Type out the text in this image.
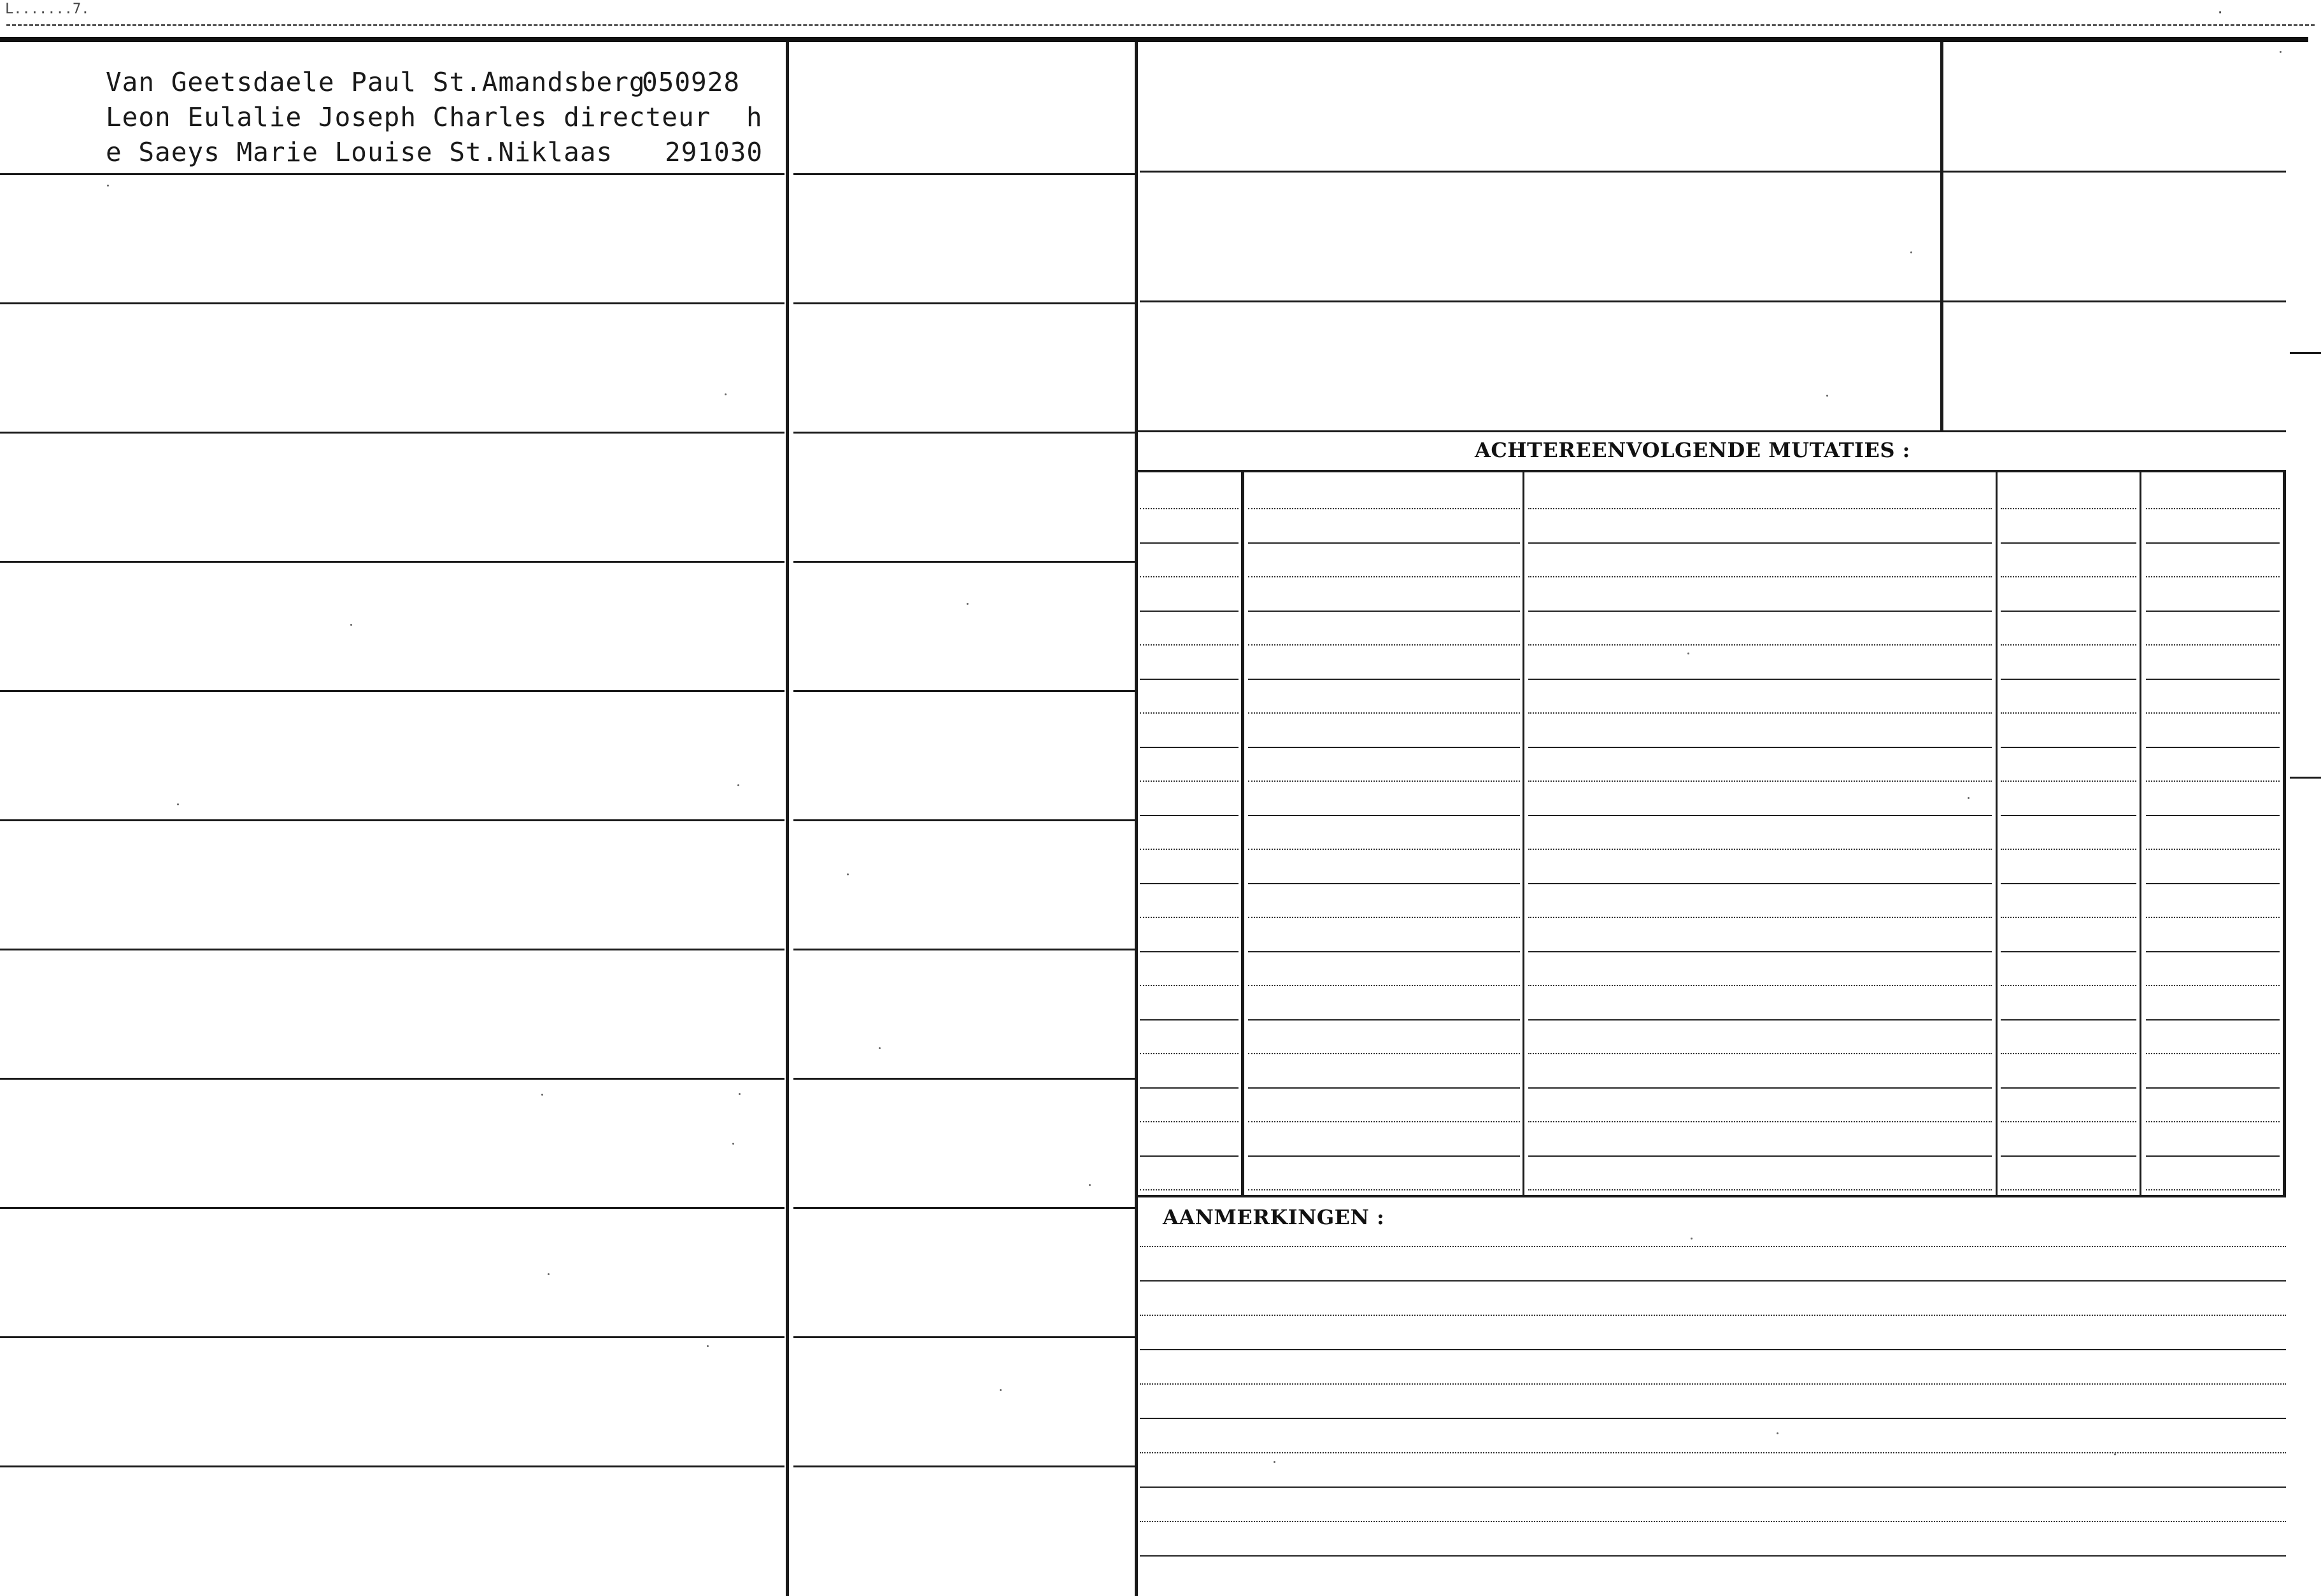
L.......7.	.
Van Geetsdaele Paul St.Amandsberg
050928
Leon Eulalie Joseph Charles directeur h
e Saeys Marie Louise St.Niklaas 291030
ACHTEREENVOLGENDE MUTATIES :
AANMERKINGEN :
